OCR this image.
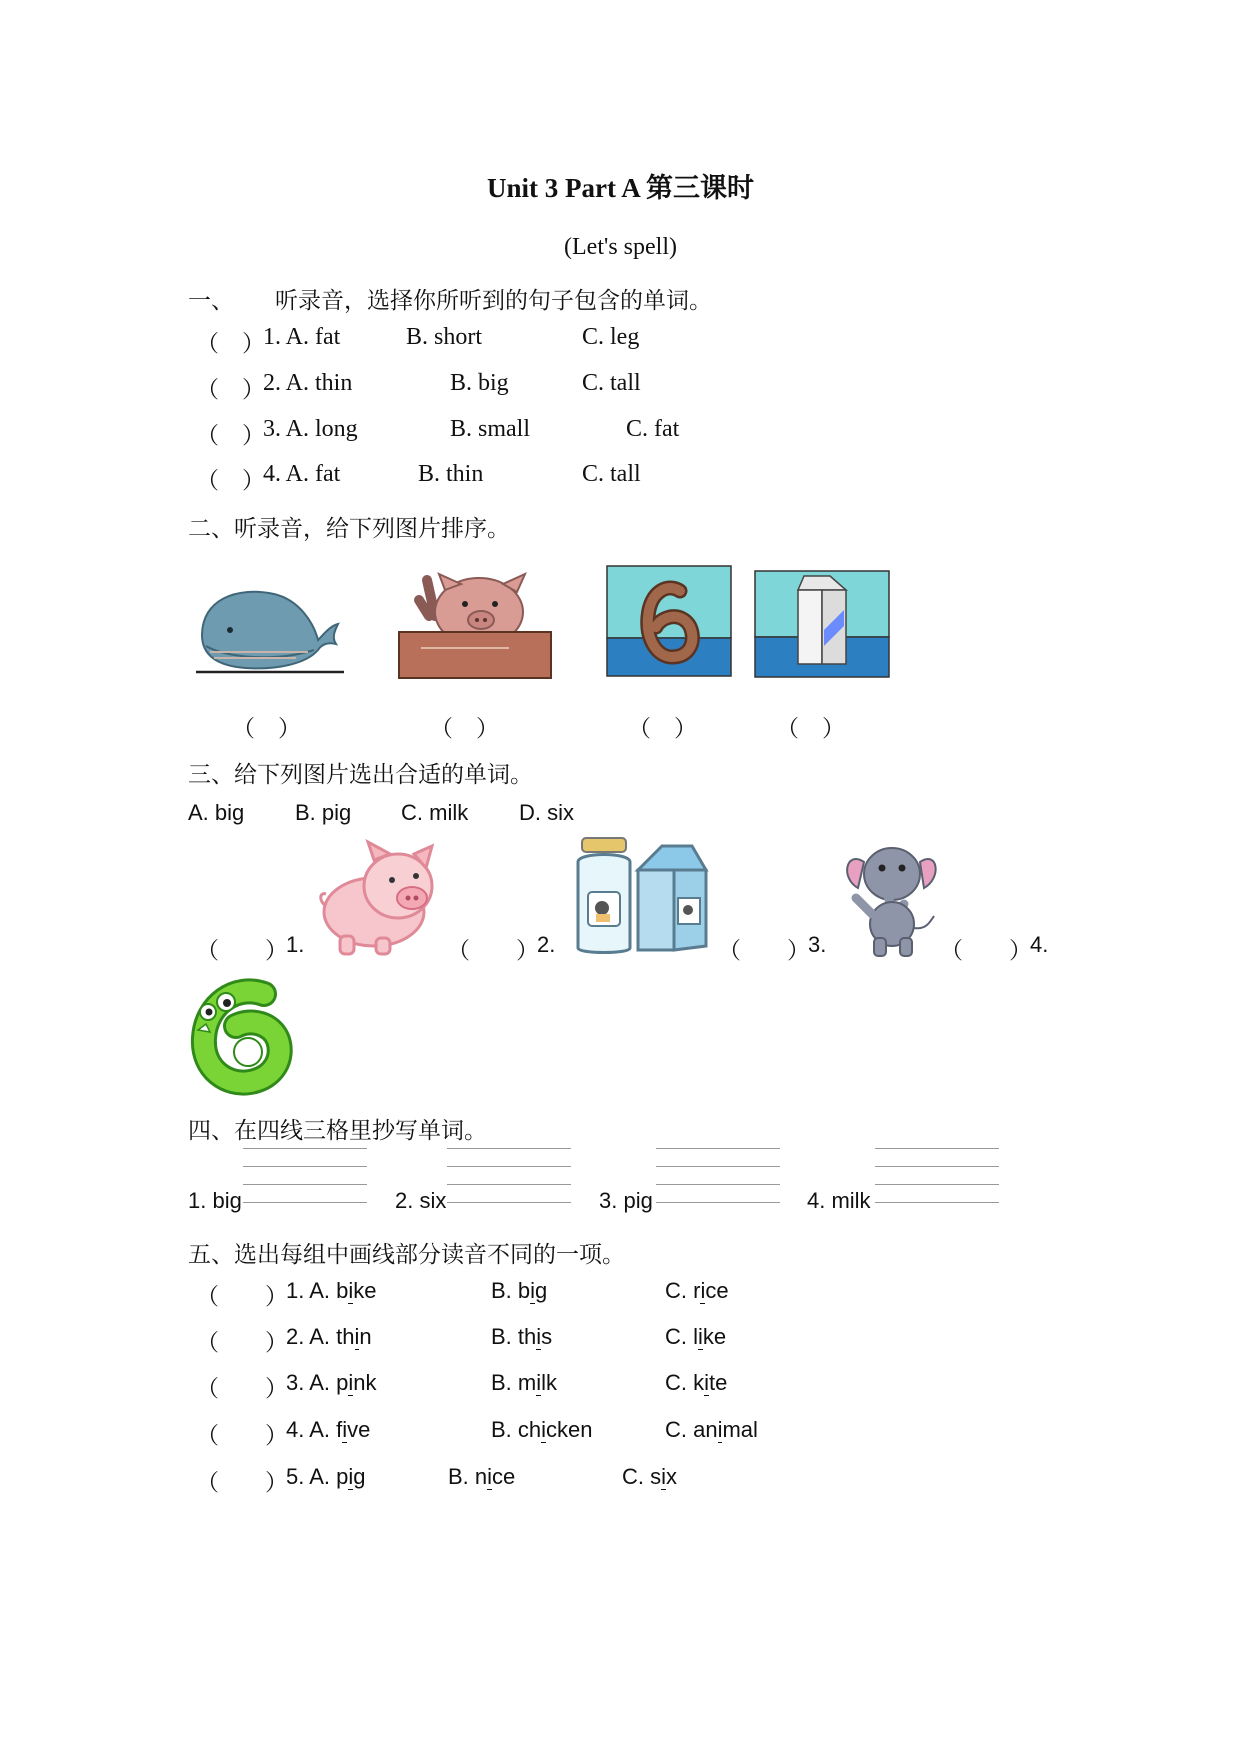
Unit 3 Part A 第三课时
(Let's spell)
一、 听录音，选择你所听到的句子包含的单词。
（　）
1. A. fat	B. short	C. leg
（　）
2. A. thin	B. big	C. tall
（　）
3. A. long	B. small	C. fat
（　）
4. A. fat	B. thin	C. tall
二、听录音，给下列图片排序。
（　）	（　）	（　）	（　）
三、给下列图片选出合适的单词。
A. big B. pig C. milk D. six
（　　）
1.	（　　）
2.	（　　）
3.	（　　）
4.
四、在四线三格里抄写单词。
1. big	2. six	3. pig	4. milk
五、选出每组中画线部分读音不同的一项。
（　　）
1. A. bike	B. big	C. rice
（　　）
2. A. thin	B. this	C. like
（　　）
3. A. pink	B. milk	C. kite
（　　）
4. A. five	B. chicken	C. animal
（　　）
5. A. pig	B. nice	C. six
